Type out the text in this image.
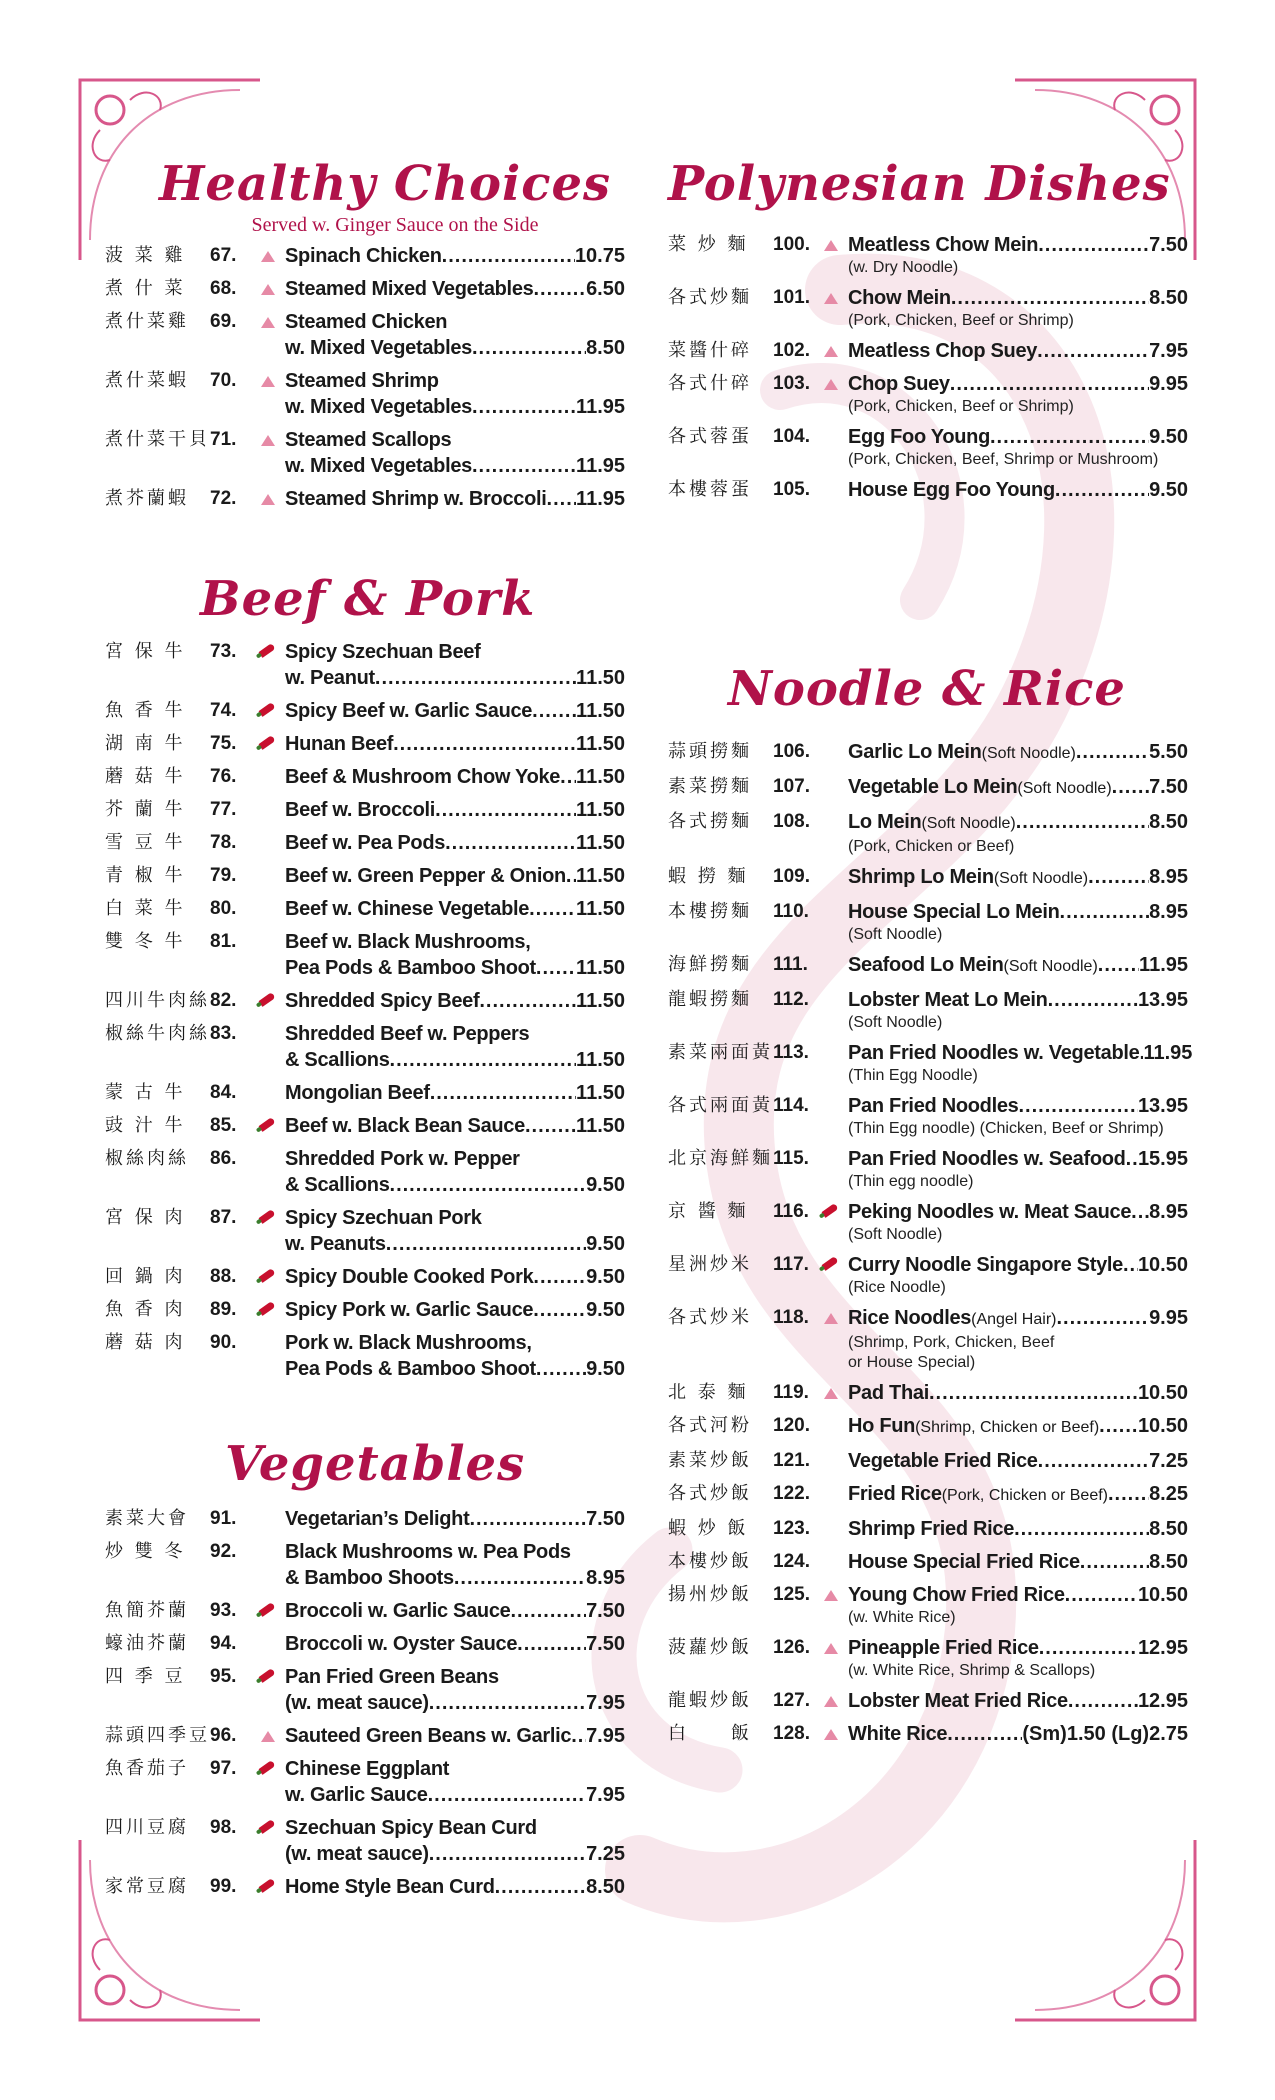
Healthy Choices
Served w. Ginger Sauce on the Side
菠 菜 雞	67.	Spinach Chicken .....	10.75
煮 什 菜	68.	Steamed Mixed Vegetables .....	6.50
煮什菜雞	69.	Steamed Chicken
w. Mixed Vegetables .....	8.50
煮什菜蝦	70.	Steamed Shrimp
w. Mixed Vegetables .....	11.95
煮什菜干貝 71.	Steamed Scallops
w. Mixed Vegetables .....	11.95
煮芥蘭蝦	72.	Steamed Shrimp w. Broccoli ..... 11.95
Beef & Pork
宮 保 牛	73.	Spicy Szechuan Beef
w. Peanut .....	11.50
魚 香 牛	74.	Spicy Beef w. Garlic Sauce ..... 11.50
湖 南 牛	75.	Hunan Beef .....	11.50
蘑 菇 牛	76.	Beef & Mushroom Chow Yoke ..... 11.50
芥 蘭 牛	77.	Beef w. Broccoli .....	11.50
雪 豆 牛	78.	Beef w. Pea Pods .....	11.50
青 椒 牛	79.	Beef w. Green Pepper & Onion ..... 11.50
白 菜 牛	80.	Beef w. Chinese Vegetable ..... 11.50
雙 冬 牛	81.	Beef w. Black Mushrooms,
Pea Pods & Bamboo Shoot ..... 11.50
四川牛肉絲 82.	Shredded Spicy Beef .....	11.50
椒絲牛肉絲 83.	Shredded Beef w. Peppers
& Scallions .....	11.50
蒙 古 牛	84.	Mongolian Beef .....	11.50
豉 汁 牛	85.	Beef w. Black Bean Sauce .....	11.50
椒絲肉絲	86.	Shredded Pork w. Pepper
& Scallions .....	9.50
宮 保 肉	87.	Spicy Szechuan Pork
w. Peanuts .....	9.50
回 鍋 肉	88.	Spicy Double Cooked Pork .....	9.50
魚 香 肉	89.	Spicy Pork w. Garlic Sauce .....	9.50
蘑 菇 肉	90.	Pork w. Black Mushrooms,
Pea Pods & Bamboo Shoot .....	9.50
Vegetables
素菜大會	91.	Vegetarian’s Delight .....	7.50
炒 雙 冬	92.	Black Mushrooms w. Pea Pods
& Bamboo Shoots .....	8.95
魚簡芥蘭	93.	Broccoli w. Garlic Sauce .....	7.50
蠔油芥蘭	94.	Broccoli w. Oyster Sauce .....	7.50
四 季 豆	95.	Pan Fried Green Beans
(w. meat sauce) .....	7.95
蒜頭四季豆 96.	Sauteed Green Beans w. Garlic ..... 7.95
魚香茄子	97.	Chinese Eggplant
w. Garlic Sauce .....	7.95
四川豆腐	98.	Szechuan Spicy Bean Curd
(w. meat sauce) .....	7.25
家常豆腐	99.	Home Style Bean Curd .....	8.50
Polynesian Dishes
菜 炒 麵	100.	Meatless Chow Mein .....	7.50
(w. Dry Noodle)
各式炒麵	101.	Chow Mein .....	8.50
(Pork, Chicken, Beef or Shrimp)
菜醬什碎	102.	Meatless Chop Suey .....	7.95
各式什碎	103.	Chop Suey .....	9.95
(Pork, Chicken, Beef or Shrimp)
各式蓉蛋	104.	Egg Foo Young .....	9.50
(Pork, Chicken, Beef, Shrimp or Mushroom)
本樓蓉蛋	105.	House Egg Foo Young .....	9.50
Noodle & Rice
蒜頭撈麵	106.	Garlic Lo Mein (Soft Noodle) .....	5.50
素菜撈麵	107.	Vegetable Lo Mein (Soft Noodle) ..... 7.50
各式撈麵	108.	Lo Mein (Soft Noodle) .....	8.50
(Pork, Chicken or Beef)
蝦 撈 麵	109.	Shrimp Lo Mein (Soft Noodle) .....	8.95
本樓撈麵	110.	House Special Lo Mein .....	8.95
(Soft Noodle)
海鮮撈麵	111.	Seafood Lo Mein (Soft Noodle) ..... 11.95
龍蝦撈麵	112.	Lobster Meat Lo Mein .....	13.95
(Soft Noodle)
素菜兩面黃 113.	Pan Fried Noodles w. Vegetable ..... 11.95
(Thin Egg Noodle)
各式兩面黃 114.	Pan Fried Noodles .....	13.95
(Thin Egg noodle) (Chicken, Beef or Shrimp)
北京海鮮麵 115.	Pan Fried Noodles w. Seafood ..... 15.95
(Thin egg noodle)
京 醬 麵	116.	Peking Noodles w. Meat Sauce ..... 8.95
(Soft Noodle)
星洲炒米	117.	Curry Noodle Singapore Style ..... 10.50
(Rice Noodle)
各式炒米	118.	Rice Noodles (Angel Hair) .....	9.95
(Shrimp, Pork, Chicken, Beef
or House Special)
北 泰 麵	119.	Pad Thai .....	10.50
各式河粉	120.	Ho Fun (Shrimp, Chicken or Beef) ..... 10.50
素菜炒飯	121.	Vegetable Fried Rice .....	7.25
各式炒飯	122.	Fried Rice (Pork, Chicken or Beef) ..... 8.25
蝦 炒 飯	123.	Shrimp Fried Rice .....	8.50
本樓炒飯	124.	House Special Fried Rice .....	8.50
揚州炒飯	125.	Young Chow Fried Rice .....	10.50
(w. White Rice)
菠蘿炒飯	126.	Pineapple Fried Rice .....	12.95
(w. White Rice, Shrimp & Scallops)
龍蝦炒飯	127.	Lobster Meat Fried Rice .....	12.95
白　　飯	128.	White Rice .....	(Sm)1.50 (Lg)2.75
